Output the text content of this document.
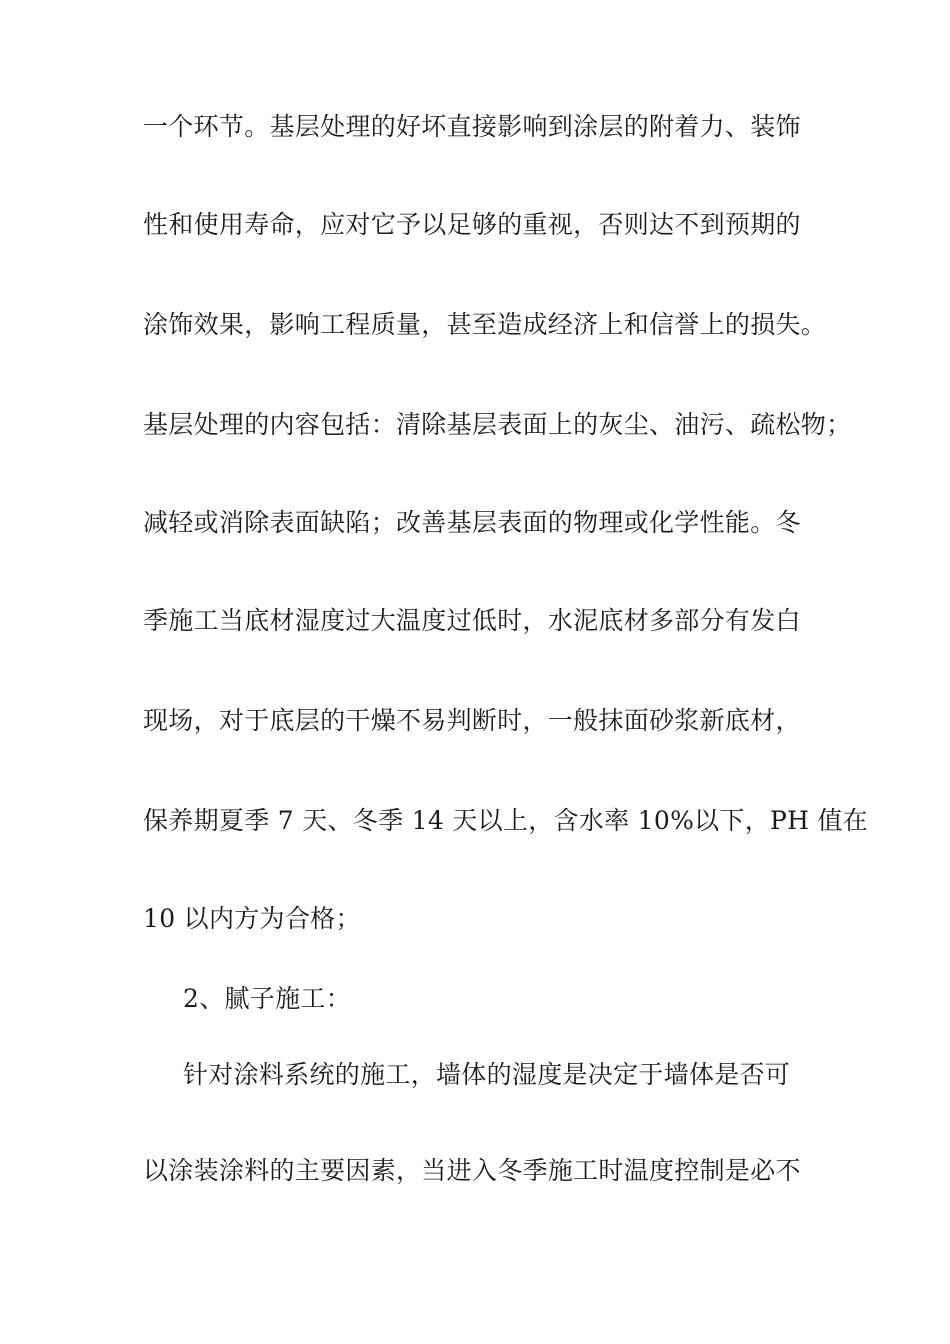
一个环节。基层处理的好坏直接影响到涂层的附着力、装饰
性和使用寿命，应对它予以足够的重视，否则达不到预期的
涂饰效果，影响工程质量，甚至造成经济上和信誉上的损失。
基层处理的内容包括：清除基层表面上的灰尘、油污、疏松物；
减轻或消除表面缺陷；改善基层表面的物理或化学性能。冬
季施工当底材湿度过大温度过低时，水泥底材多部分有发白
现场，对于底层的干燥不易判断时，一般抹面砂浆新底材，
保养期夏季 7 天、冬季 14 天以上，含水率 10%以下，PH 值在
10 以内方为合格；
2、腻子施工：
针对涂料系统的施工，墙体的湿度是决定于墙体是否可
以涂装涂料的主要因素，当进入冬季施工时温度控制是必不
